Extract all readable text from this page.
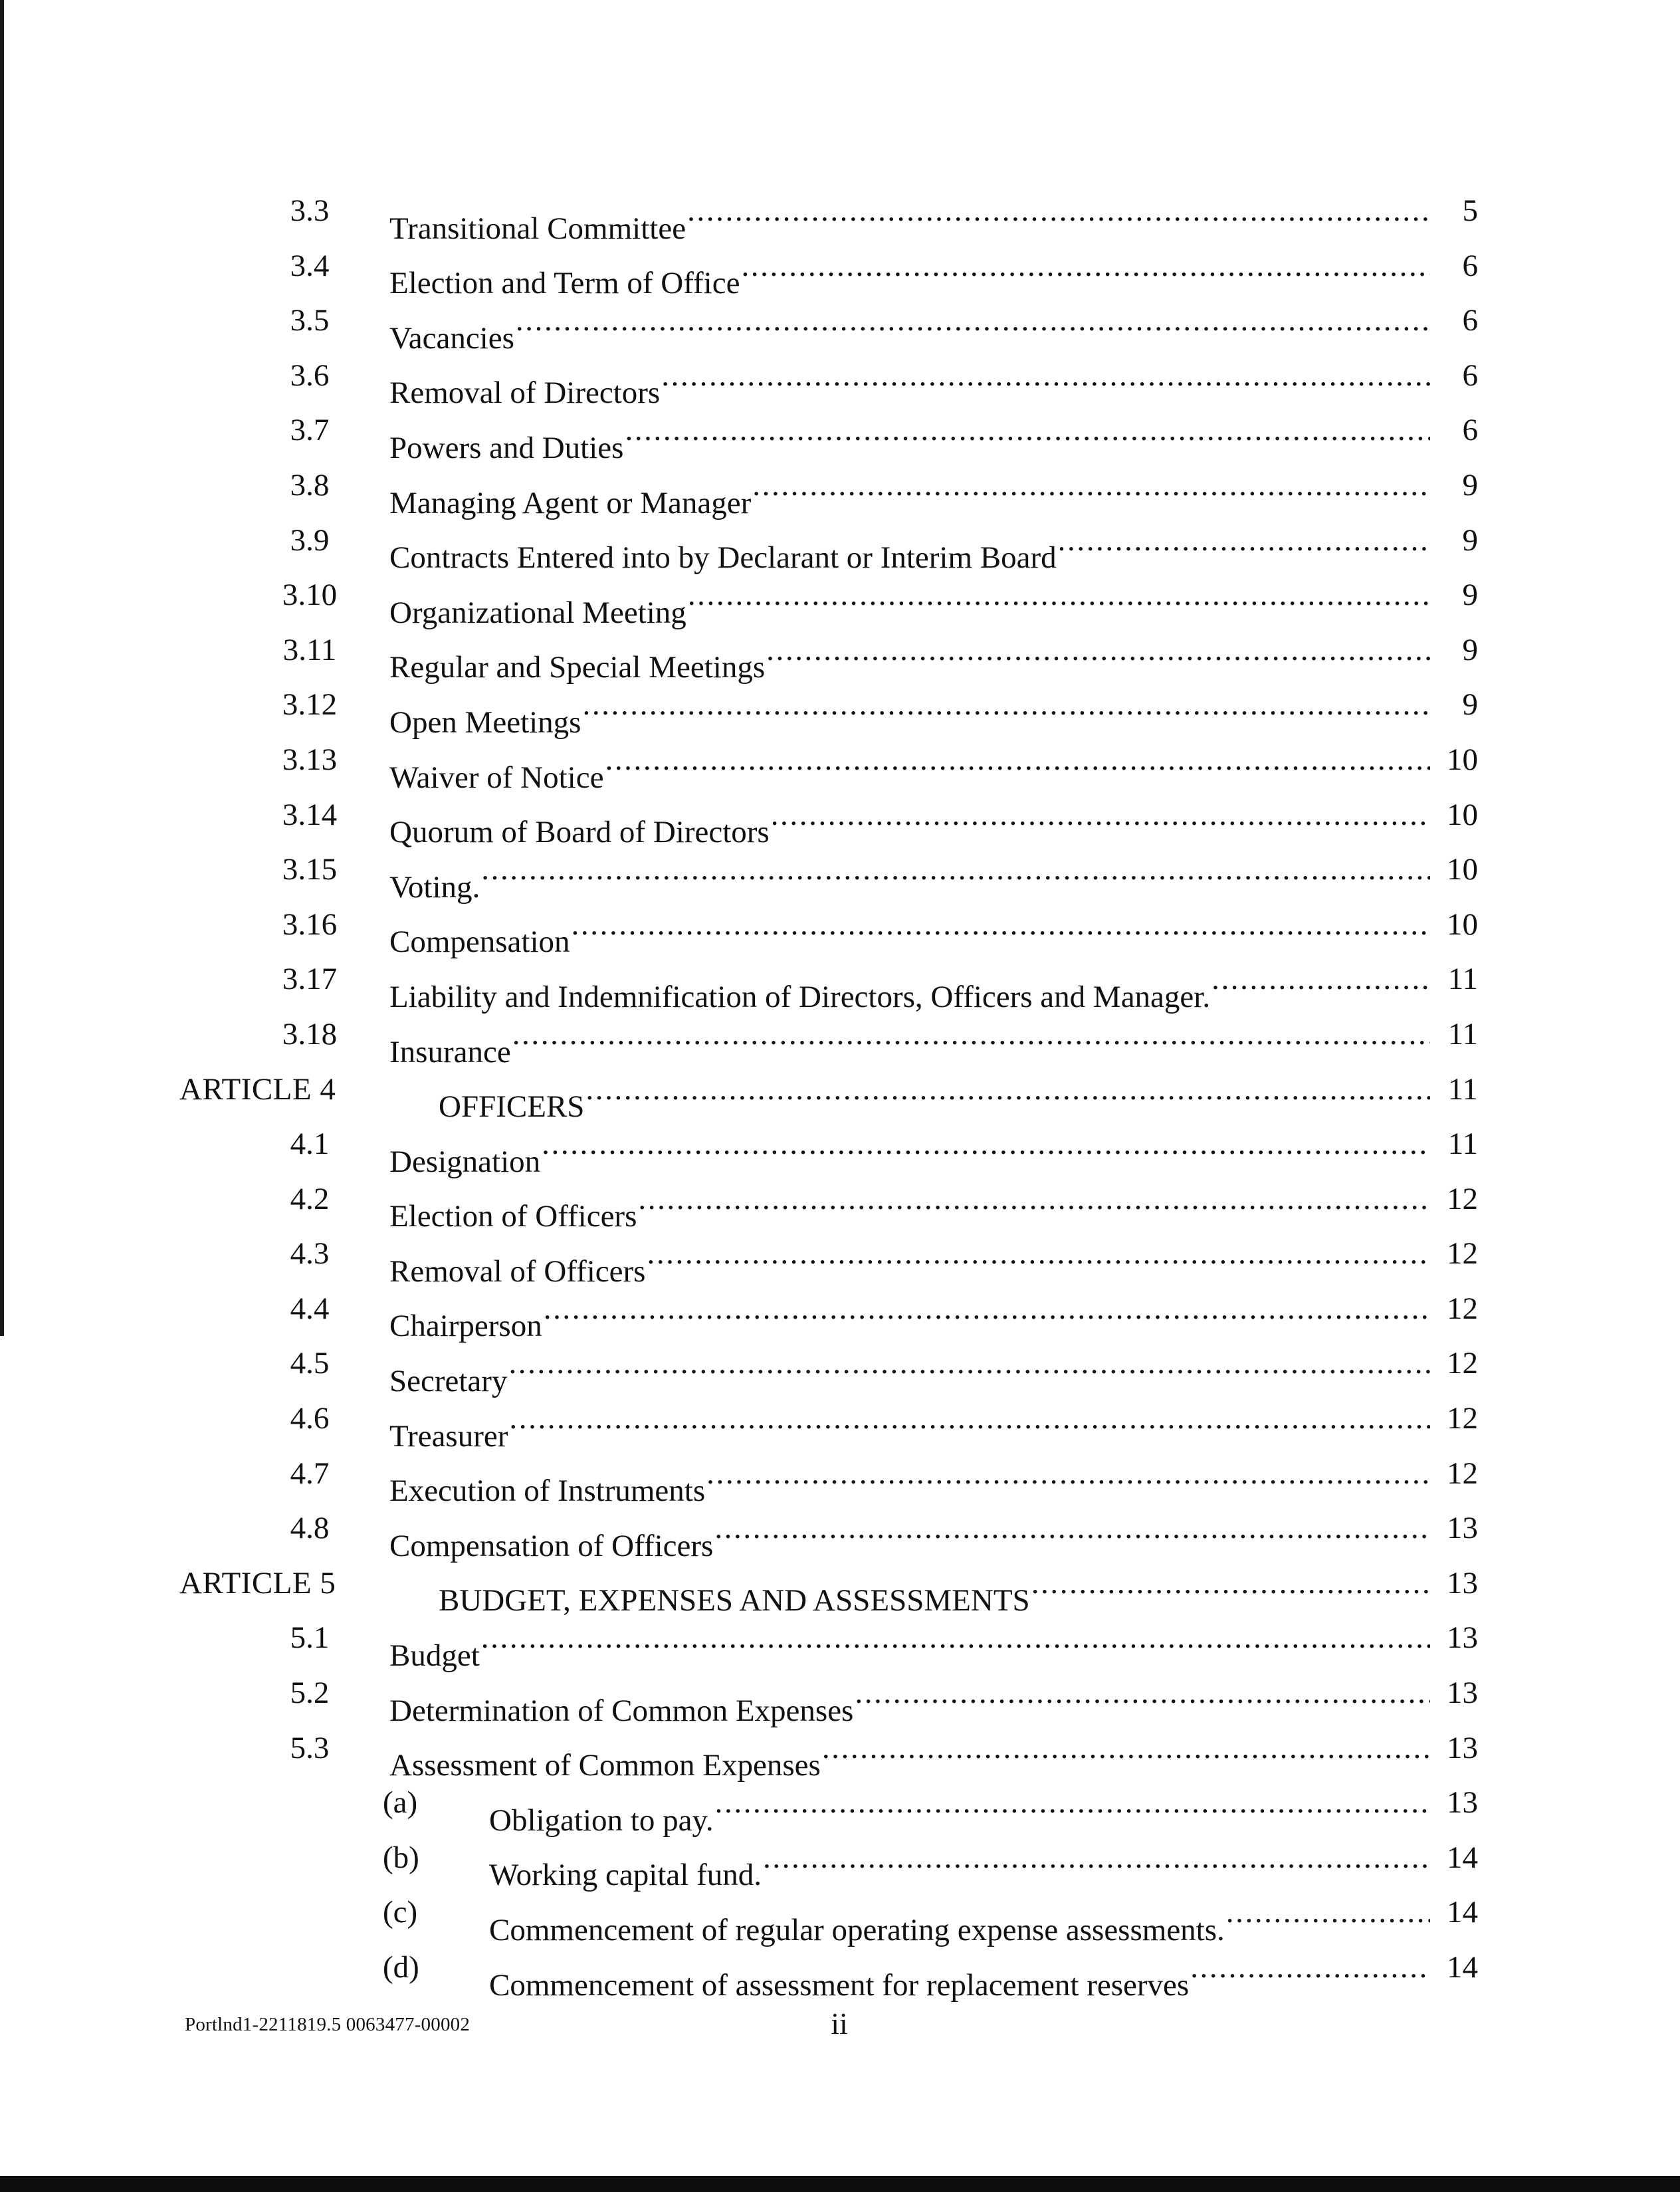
3.3
Transitional Committee
.....
5
3.4
Election and Term of Office
.....
6
3.5
Vacancies
.....
6
3.6
Removal of Directors
.....
6
3.7
Powers and Duties
.....
6
3.8
Managing Agent or Manager
.....
9
3.9
Contracts Entered into by Declarant or Interim Board
.....
9
3.10
Organizational Meeting
.....
9
3.11
Regular and Special Meetings
.....
9
3.12
Open Meetings
.....
9
3.13
Waiver of Notice
.....
10
3.14
Quorum of Board of Directors
.....
10
3.15
Voting.
.....
10
3.16
Compensation
.....
10
3.17
Liability and Indemnification of Directors, Officers and Manager.
.....
11
3.18
Insurance
.....
11
ARTICLE 4
OFFICERS
.....
11
4.1
Designation
.....
11
4.2
Election of Officers
.....
12
4.3
Removal of Officers
.....
12
4.4
Chairperson
.....
12
4.5
Secretary
.....
12
4.6
Treasurer
.....
12
4.7
Execution of Instruments
.....
12
4.8
Compensation of Officers
.....
13
ARTICLE 5
BUDGET, EXPENSES AND ASSESSMENTS
.....
13
5.1
Budget
.....
13
5.2
Determination of Common Expenses
.....
13
5.3
Assessment of Common Expenses
.....
13
(a)
Obligation to pay.
.....
13
(b)
Working capital fund.
.....
14
(c)
Commencement of regular operating expense assessments.
.....
14
(d)
Commencement of assessment for replacement reserves
.....
14
Portlnd1-2211819.5 0063477-00002	ii
